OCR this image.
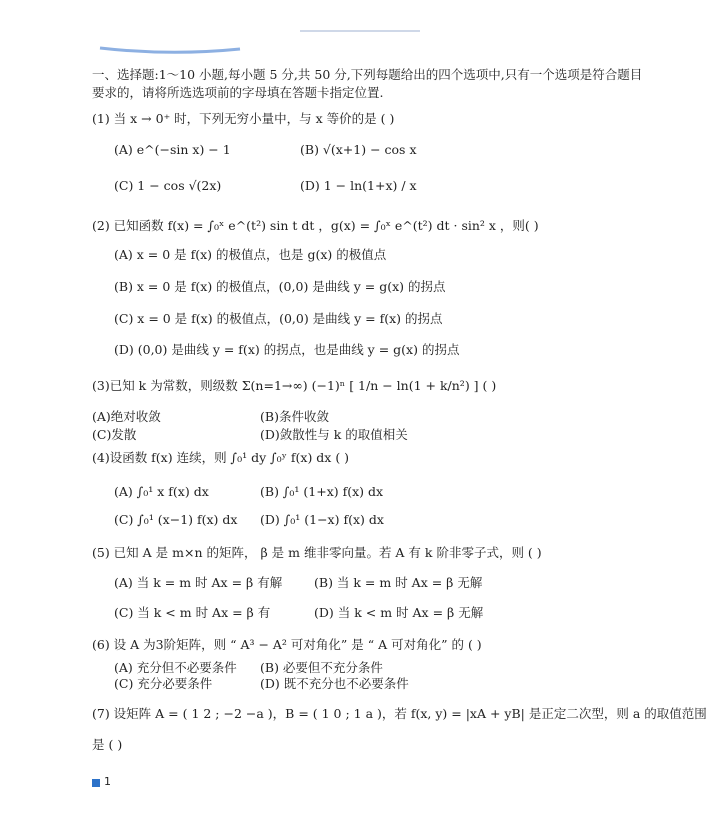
一、选择题:1～10 小题,每小题 5 分,共 50 分,下列每题给出的四个选项中,只有一个选项是符合题目
要求的，请将所选选项前的字母填在答题卡指定位置.
(1) 当 x → 0⁺ 时，下列无穷小量中，与 x 等价的是 ( )
(A) e^(−sin x) − 1	(B) √(x+1) − cos x
(C) 1 − cos √(2x)	(D) 1 − ln(1+x) / x
(2) 已知函数 f(x) = ∫₀ˣ e^(t²) sin t dt ，g(x) = ∫₀ˣ e^(t²) dt · sin² x ，则( )
(A) x = 0 是 f(x) 的极值点，也是 g(x) 的极值点
(B) x = 0 是 f(x) 的极值点，(0,0) 是曲线 y = g(x) 的拐点
(C) x = 0 是 f(x) 的极值点，(0,0) 是曲线 y = f(x) 的拐点
(D) (0,0) 是曲线 y = f(x) 的拐点，也是曲线 y = g(x) 的拐点
(3)已知 k 为常数，则级数 Σ(n=1→∞) (−1)ⁿ [ 1/n − ln(1 + k/n²) ] ( )
(A)绝对收敛	(B)条件收敛
(C)发散	(D)敛散性与 k 的取值相关
(4)设函数 f(x) 连续，则 ∫₀¹ dy ∫₀ʸ f(x) dx ( )
(A) ∫₀¹ x f(x) dx	(B) ∫₀¹ (1+x) f(x) dx
(C) ∫₀¹ (x−1) f(x) dx (D) ∫₀¹ (1−x) f(x) dx
(5) 已知 A 是 m×n 的矩阵， β 是 m 维非零向量。若 A 有 k 阶非零子式，则 ( )
(A) 当 k = m 时 Ax = β 有解	(B) 当 k = m 时 Ax = β 无解
(C) 当 k < m 时 Ax = β 有	(D) 当 k < m 时 Ax = β 无解
(6) 设 A 为3阶矩阵，则 “ A³ − A² 可对角化” 是 “ A 可对角化” 的 ( )
(A) 充分但不必要条件 (B) 必要但不充分条件
(C) 充分必要条件	(D) 既不充分也不必要条件
(7) 设矩阵 A = ( 1 2 ; −2 −a )，B = ( 1 0 ; 1 a )，若 f(x, y) = |xA + yB| 是正定二次型，则 a 的取值范围
是 ( )
1
